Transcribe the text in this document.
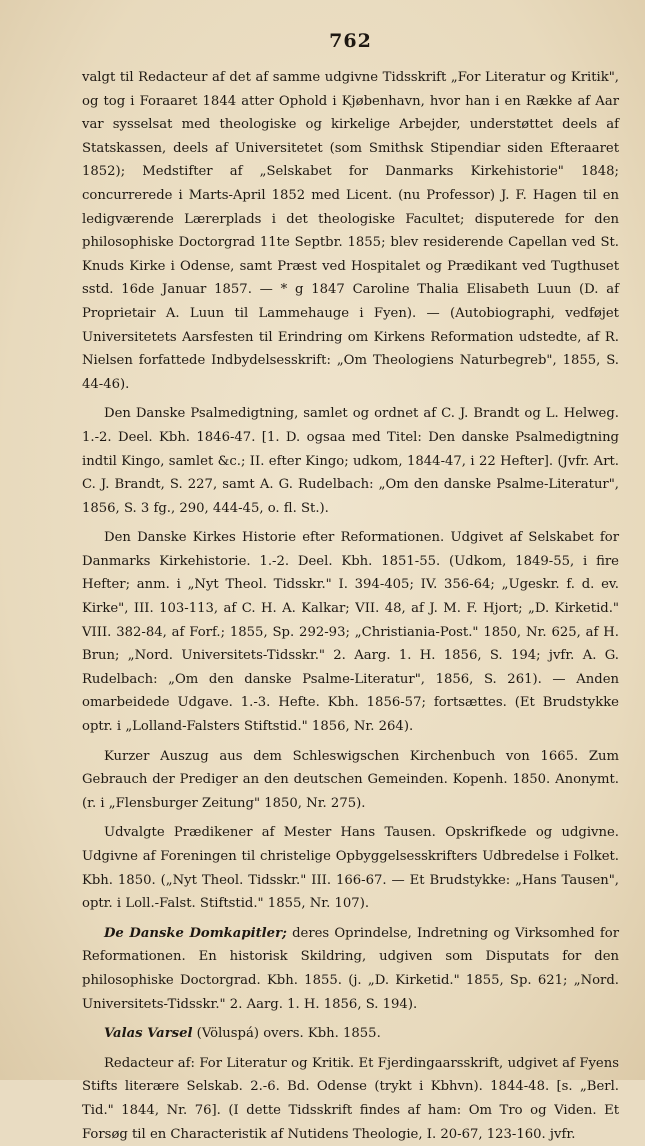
762

valgt til Redacteur af det af samme udgivne Tidsskrift „For Literatur og Kritik", og tog i Foraaret 1844 atter Ophold i Kjøbenhavn, hvor han i en Række af Aar var sysselsat med theologiske og kirkelige Arbejder, understøttet deels af Statskassen, deels af Universitetet (som Smithsk Stipendiar siden Efteraaret 1852); Medstifter af „Selskabet for Danmarks Kirkehistorie" 1848; concurrerede i Marts-April 1852 med Licent. (nu Professor) J. F. Hagen til en ledigværende Lærerplads i det theologiske Facultet; disputerede for den philosophiske Doctorgrad 11te Septbr. 1855; blev residerende Capellan ved St. Knuds Kirke i Odense, samt Præst ved Hospitalet og Prædikant ved Tugthuset sstd. 16de Januar 1857. — * g 1847 Caroline Thalia Elisabeth Luun (D. af Proprietair A. Luun til Lammehauge i Fyen). — (Autobiographi, vedføjet Universitetets Aarsfesten til Erindring om Kirkens Reformation udstedte, af R. Nielsen forfattede Indbydelsesskrift: „Om Theologiens Naturbegreb", 1855, S. 44-46).

Den Danske Psalmedigtning, samlet og ordnet af C. J. Brandt og L. Helweg. 1.-2. Deel. Kbh. 1846-47. [1. D. ogsaa med Titel: Den danske Psalmedigtning indtil Kingo, samlet &c.; II. efter Kingo; udkom, 1844-47, i 22 Hefter]. (Jvfr. Art. C. J. Brandt, S. 227, samt A. G. Rudelbach: „Om den danske Psalme-Literatur", 1856, S. 3 fg., 290, 444-45, o. fl. St.).

Den Danske Kirkes Historie efter Reformationen. Udgivet af Selskabet for Danmarks Kirkehistorie. 1.-2. Deel. Kbh. 1851-55. (Udkom, 1849-55, i fire Hefter; anm. i „Nyt Theol. Tidsskr." I. 394-405; IV. 356-64; „Ugeskr. f. d. ev. Kirke", III. 103-113, af C. H. A. Kalkar; VII. 48, af J. M. F. Hjort; „D. Kirketid." VIII. 382-84, af Forf.; 1855, Sp. 292-93; „Christiania-Post." 1850, Nr. 625, af H. Brun; „Nord. Universitets-Tidsskr." 2. Aarg. 1. H. 1856, S. 194; jvfr. A. G. Rudelbach: „Om den danske Psalme-Literatur", 1856, S. 261). — Anden omarbeidede Udgave. 1.-3. Hefte. Kbh. 1856-57; fortsættes. (Et Brudstykke optr. i „Lolland-Falsters Stiftstid." 1856, Nr. 264).

Kurzer Auszug aus dem Schleswigschen Kirchenbuch von 1665. Zum Gebrauch der Prediger an den deutschen Gemeinden. Kopenh. 1850. Anonymt. (r. i „Flensburger Zeitung" 1850, Nr. 275).

Udvalgte Prædikener af Mester Hans Tausen. Opskrifkede og udgivne. Udgivne af Foreningen til christelige Opbyggelsesskrifters Udbredelse i Folket. Kbh. 1850. („Nyt Theol. Tidsskr." III. 166-67. — Et Brudstykke: „Hans Tausen", optr. i Loll.-Falst. Stiftstid." 1855, Nr. 107).

De Danske Domkapitler; deres Oprindelse, Indretning og Virksomhed for Reformationen. En historisk Skildring, udgiven som Disputats for den philosophiske Doctorgrad. Kbh. 1855. (j. „D. Kirketid." 1855, Sp. 621; „Nord. Universitets-Tidsskr." 2. Aarg. 1. H. 1856, S. 194).

Valas Varsel (Völuspá) overs. Kbh. 1855.

Redacteur af: For Literatur og Kritik. Et Fjerdingaarsskrift, udgivet af Fyens Stifts literære Selskab. 2.-6. Bd. Odense (trykt i Kbhvn). 1844-48. [s. „Berl. Tid." 1844, Nr. 76]. (I dette Tidsskrift findes af ham: Om Tro og Viden. Et Forsøg til en Characteristik af Nutidens Theologie, I. 20-67, 123-160. jvfr.
